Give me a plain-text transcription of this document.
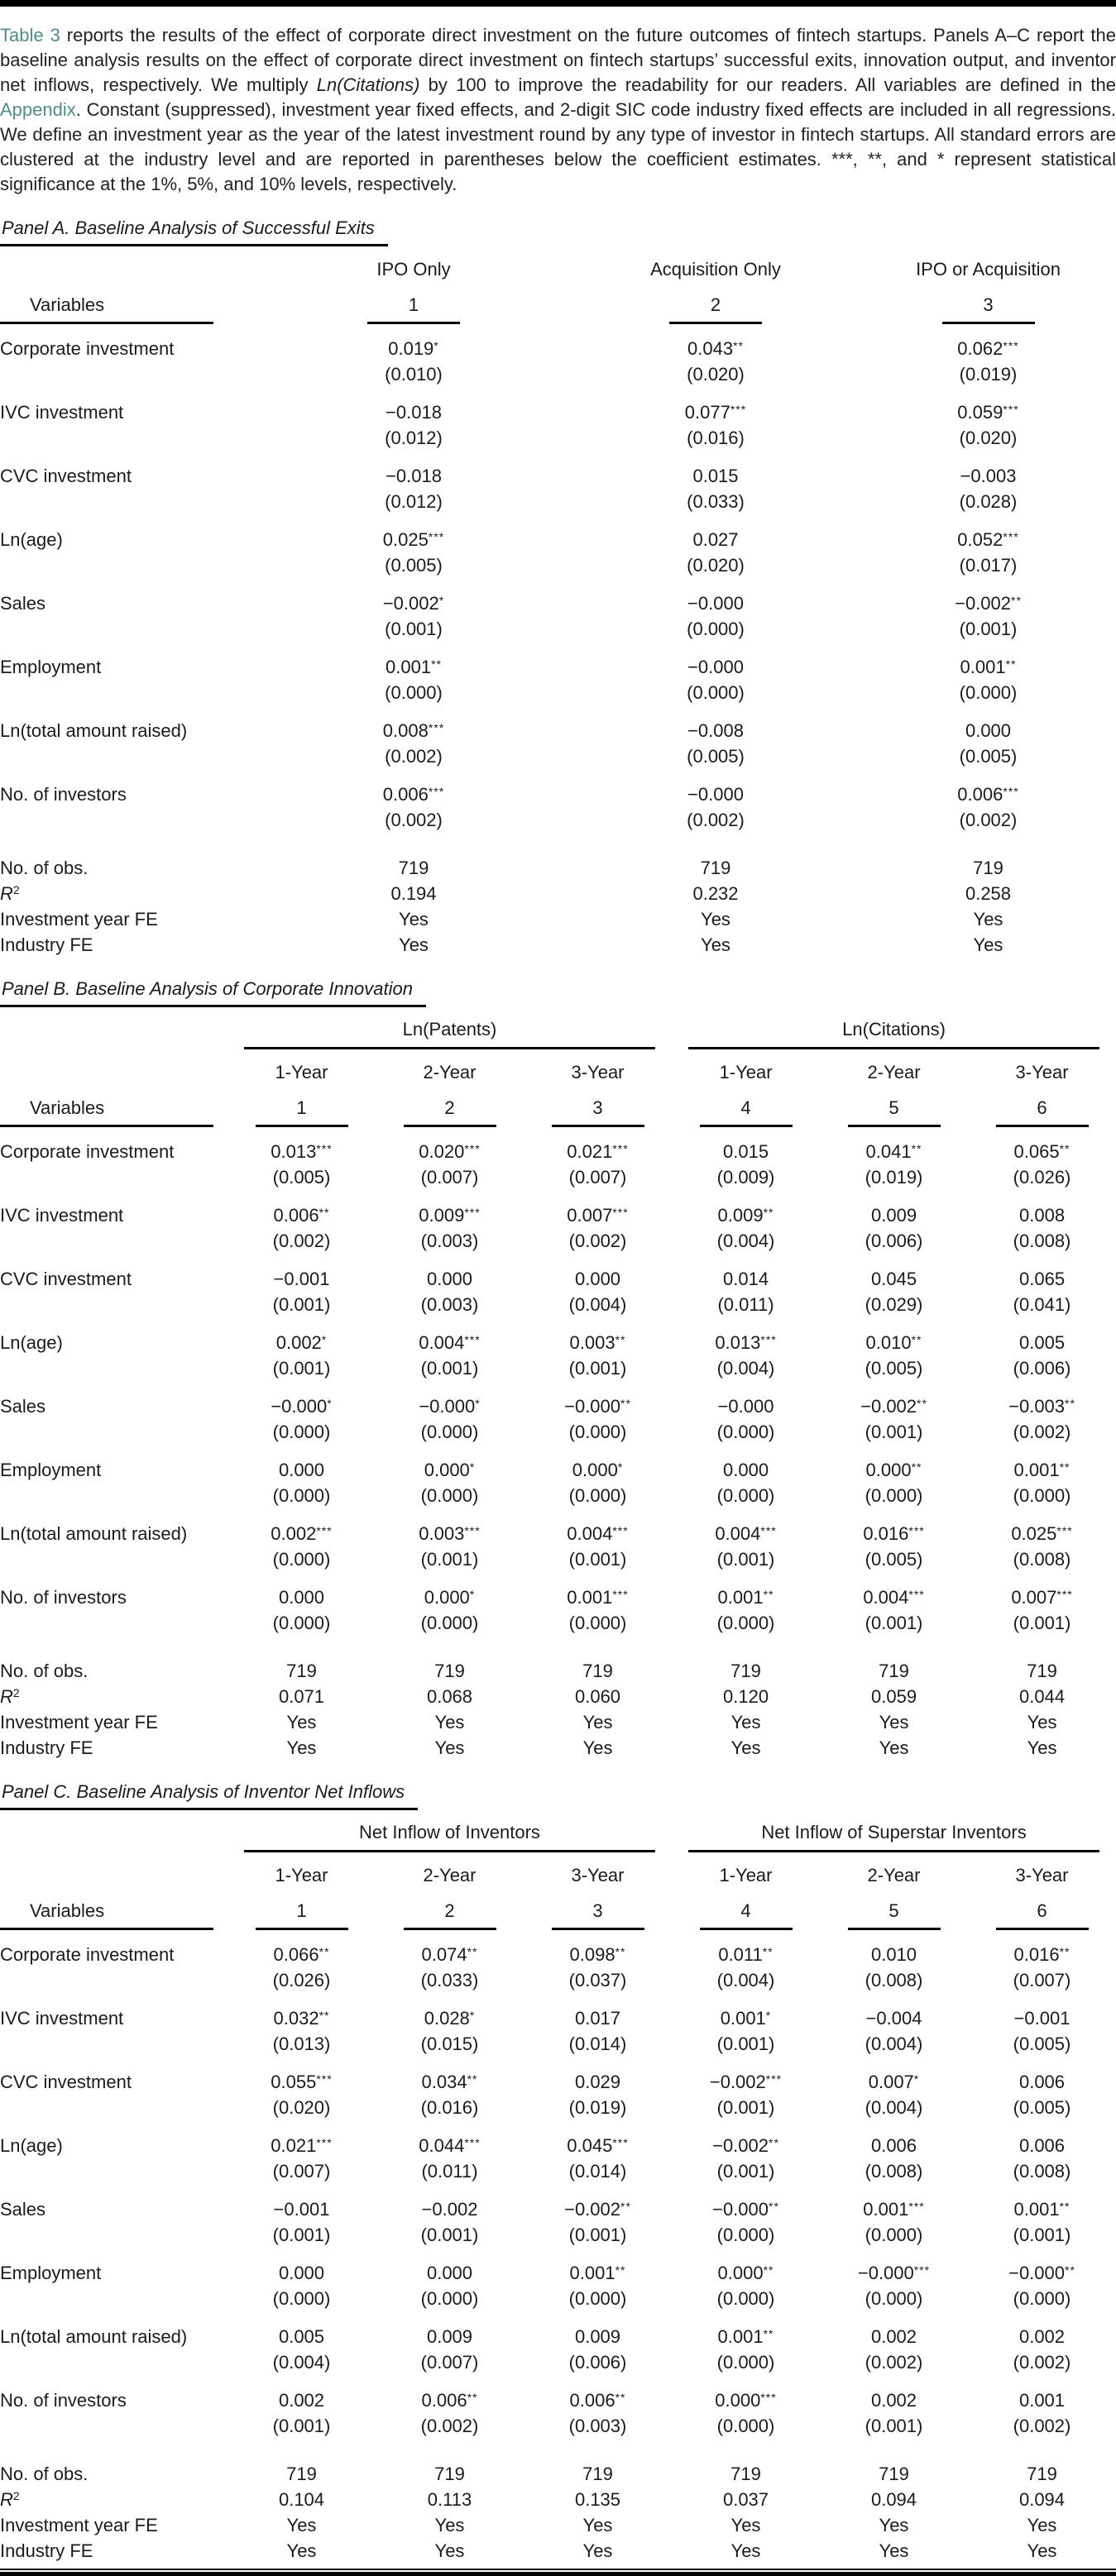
Table 3 reports the results of the effect of corporate direct investment on the future outcomes of fintech startups. Panels A–C report the baseline analysis results on the effect of corporate direct investment on fintech startups’ successful exits, innovation output, and inventor net inflows, respectively. We multiply Ln(Citations) by 100 to improve the readability for our readers. All variables are defined in the Appendix. Constant (suppressed), investment year fixed effects, and 2-digit SIC code industry fixed effects are included in all regressions. We define an investment year as the year of the latest investment round by any type of investor in fintech startups. All standard errors are clustered at the industry level and are reported in parentheses below the coefficient estimates. ***, **, and * represent statistical significance at the 1%, 5%, and 10% levels, respectively.

Panel A. Baseline Analysis of Successful Exits
	IPO Only	Acquisition Only	IPO or Acquisition

Variables	1	2	3

Corporate investment	0.019*	0.043**	0.062***
	(0.010)	(0.020)	(0.019)
IVC investment	−0.018	0.077***	0.059***
	(0.012)	(0.016)	(0.020)
CVC investment	−0.018	0.015	−0.003
	(0.012)	(0.033)	(0.028)
Ln(age)	0.025***	0.027	0.052***
	(0.005)	(0.020)	(0.017)
Sales	−0.002*	−0.000	−0.002**
	(0.001)	(0.000)	(0.001)
Employment	0.001**	−0.000	0.001**
	(0.000)	(0.000)	(0.000)
Ln(total amount raised)	0.008***	−0.008	0.000
	(0.002)	(0.005)	(0.005)
No. of investors	0.006***	−0.000	0.006***
	(0.002)	(0.002)	(0.002)
No. of obs.	719	719	719
$R^2$	0.194	0.232	0.258
Investment year FE	Yes	Yes	Yes
Industry FE	Yes	Yes	Yes
Panel B. Baseline Analysis of Corporate Innovation

	Ln(Patents)			Ln(Citations)		

	1-Year	2-Year	3-Year	1-Year	2-Year	3-Year

Variables	1	2	3	4	5	6

Corporate investment	0.013***	0.020***	0.021***	0.015	0.041**	0.065**
	(0.005)	(0.007)	(0.007)	(0.009)	(0.019)	(0.026)
IVC investment	0.006**	0.009***	0.007***	0.009**	0.009	0.008
	(0.002)	(0.003)	(0.002)	(0.004)	(0.006)	(0.008)
CVC investment	−0.001	0.000	0.000	0.014	0.045	0.065
	(0.001)	(0.003)	(0.004)	(0.011)	(0.029)	(0.041)
Ln(age)	0.002*	0.004***	0.003**	0.013***	0.010**	0.005
	(0.001)	(0.001)	(0.001)	(0.004)	(0.005)	(0.006)
Sales	−0.000*	−0.000*	−0.000**	−0.000	−0.002**	−0.003**
	(0.000)	(0.000)	(0.000)	(0.000)	(0.001)	(0.002)
Employment	0.000	0.000*	0.000*	0.000	0.000**	0.001**
	(0.000)	(0.000)	(0.000)	(0.000)	(0.000)	(0.000)
Ln(total amount raised)	0.002***	0.003***	0.004***	0.004***	0.016***	0.025***
	(0.000)	(0.001)	(0.001)	(0.001)	(0.005)	(0.008)
No. of investors	0.000	0.000*	0.001***	0.001**	0.004***	0.007***
	(0.000)	(0.000)	(0.000)	(0.000)	(0.001)	(0.001)
No. of obs.	719	719	719	719	719	719
$R^2$	0.071	0.068	0.060	0.120	0.059	0.044
Investment year FE	Yes	Yes	Yes	Yes	Yes	Yes
Industry FE	Yes	Yes	Yes	Yes	Yes	Yes
Panel C. Baseline Analysis of Inventor Net Inflows

	Net Inflow of Inventors			Net Inflow of Superstar Inventors		

	1-Year	2-Year	3-Year	1-Year	2-Year	3-Year

Variables	1	2	3	4	5	6

Corporate investment	0.066**	0.074**	0.098**	0.011**	0.010	0.016**
	(0.026)	(0.033)	(0.037)	(0.004)	(0.008)	(0.007)
IVC investment	0.032**	0.028*	0.017	0.001*	−0.004	−0.001
	(0.013)	(0.015)	(0.014)	(0.001)	(0.004)	(0.005)
CVC investment	0.055***	0.034**	0.029	−0.002***	0.007*	0.006
	(0.020)	(0.016)	(0.019)	(0.001)	(0.004)	(0.005)
Ln(age)	0.021***	0.044***	0.045***	−0.002**	0.006	0.006
	(0.007)	(0.011)	(0.014)	(0.001)	(0.008)	(0.008)
Sales	−0.001	−0.002	−0.002**	−0.000**	0.001***	0.001**
	(0.001)	(0.001)	(0.001)	(0.000)	(0.000)	(0.001)
Employment	0.000	0.000	0.001**	0.000**	−0.000***	−0.000**
	(0.000)	(0.000)	(0.000)	(0.000)	(0.000)	(0.000)
Ln(total amount raised)	0.005	0.009	0.009	0.001**	0.002	0.002
	(0.004)	(0.007)	(0.006)	(0.000)	(0.002)	(0.002)
No. of investors	0.002	0.006**	0.006**	0.000***	0.002	0.001
	(0.001)	(0.002)	(0.003)	(0.000)	(0.001)	(0.002)
No. of obs.	719	719	719	719	719	719
$R^2$	0.104	0.113	0.135	0.037	0.094	0.094
Investment year FE	Yes	Yes	Yes	Yes	Yes	Yes
Industry FE	Yes	Yes	Yes	Yes	Yes	Yes
